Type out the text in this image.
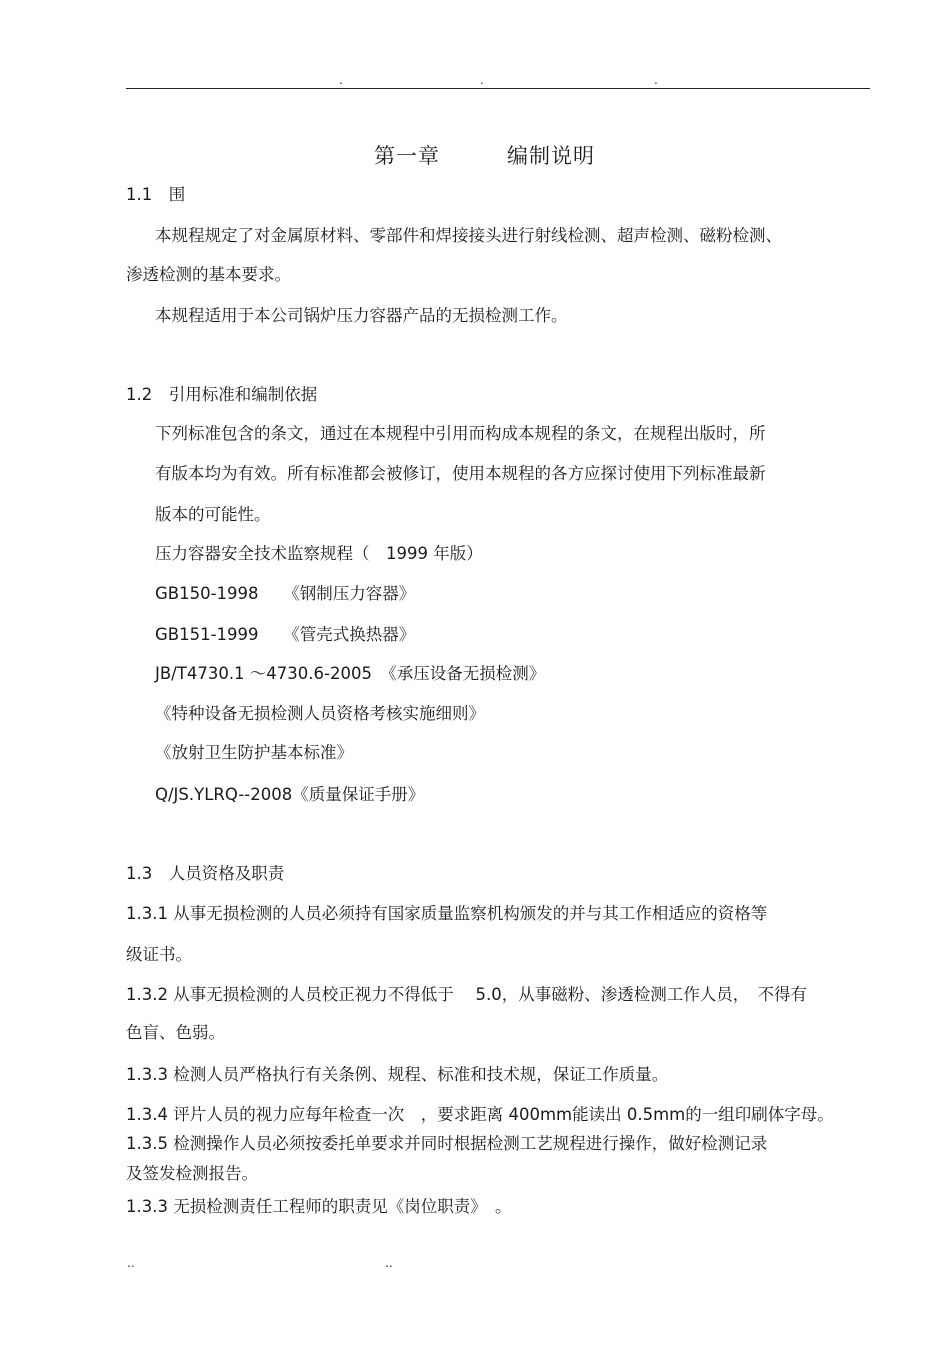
.	.	.
第一章	编制说明
1.1　围
本规程规定了对金属原材料、零部件和焊接接头进行射线检测、超声检测、磁粉检测、
渗透检测的基本要求。
本规程适用于本公司锅炉压力容器产品的无损检测工作。
1.2　引用标准和编制依据
下列标准包含的条文，通过在本规程中引用而构成本规程的条文，在规程出版时，所
有版本均为有效。所有标准都会被修订，使用本规程的各方应探讨使用下列标准最新
版本的可能性。
压力容器安全技术监察规程（　1999 年版）
GB150-1998　　《钢制压力容器》
GB151-1999　　《管壳式换热器》
JB/T4730.1 ～4730.6-2005　《承压设备无损检测》
《特种设备无损检测人员资格考核实施细则》
《放射卫生防护基本标准》
Q/JS.YLRQ--2008《质量保证手册》
1.3　人员资格及职责
1.3.1 从事无损检测的人员必须持有国家质量监察机构颁发的并与其工作相适应的资格等
级证书。
1.3.2 从事无损检测的人员校正视力不得低于　 5.0，从事磁粉、渗透检测工作人员，　不得有
色盲、色弱。
1.3.3 检测人员严格执行有关条例、规程、标准和技术规，保证工作质量。
1.3.4 评片人员的视力应每年检查一次　，要求距离 400mm能读出 0.5mm的一组印刷体字母。
1.3.5 检测操作人员必须按委托单要求并同时根据检测工艺规程进行操作，做好检测记录
及签发检测报告。
1.3.3 无损检测责任工程师的职责见《岗位职责》　。
..	..
